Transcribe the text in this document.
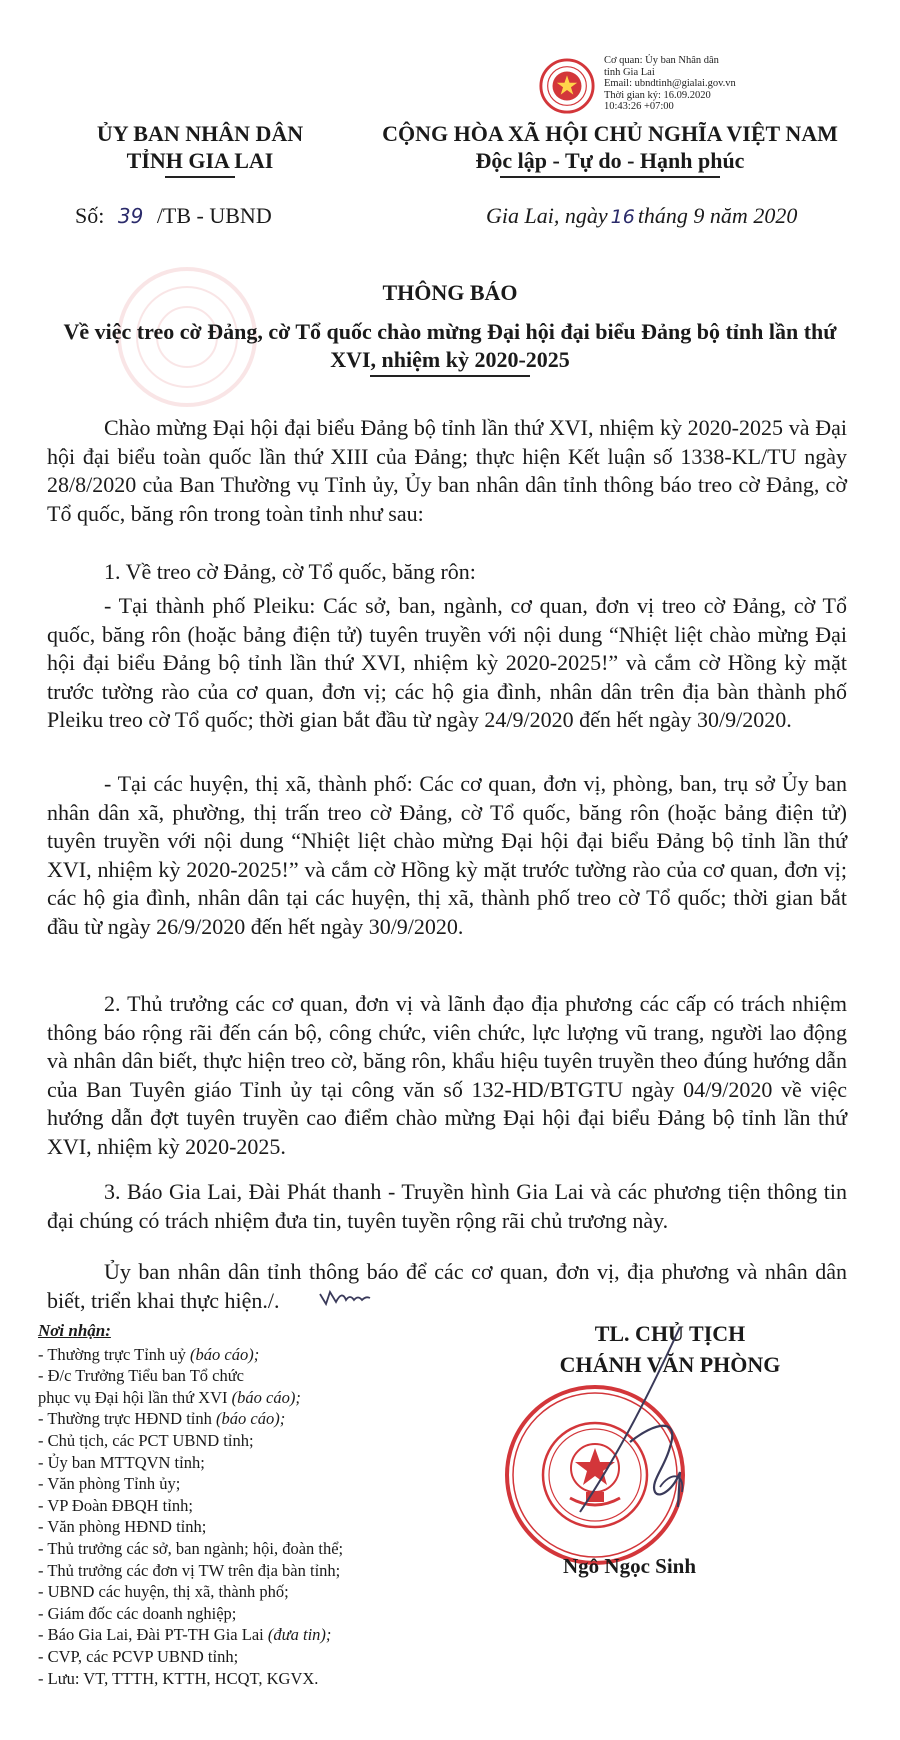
Cơ quan: Ủy ban Nhân dân
tỉnh Gia Lai
Email: ubndtinh@gialai.gov.vn
Thời gian ký: 16.09.2020
10:43:26 +07:00
ỦY BAN NHÂN DÂN
TỈNH GIA LAI
CỘNG HÒA XÃ HỘI CHỦ NGHĨA VIỆT NAM
Độc lập - Tự do - Hạnh phúc
Số: 39 /TB - UBND	Gia Lai, ngày 16 tháng 9 năm 2020
THÔNG BÁO
Về việc treo cờ Đảng, cờ Tổ quốc chào mừng Đại hội đại biểu Đảng bộ tỉnh lần thứ XVI, nhiệm kỳ 2020-2025
Chào mừng Đại hội đại biểu Đảng bộ tỉnh lần thứ XVI, nhiệm kỳ 2020-2025 và Đại hội đại biểu toàn quốc lần thứ XIII của Đảng; thực hiện Kết luận số 1338-KL/TU ngày 28/8/2020 của Ban Thường vụ Tỉnh ủy, Ủy ban nhân dân tỉnh thông báo treo cờ Đảng, cờ Tổ quốc, băng rôn trong toàn tỉnh như sau:
1. Về treo cờ Đảng, cờ Tổ quốc, băng rôn:
- Tại thành phố Pleiku: Các sở, ban, ngành, cơ quan, đơn vị treo cờ Đảng, cờ Tổ quốc, băng rôn (hoặc bảng điện tử) tuyên truyền với nội dung “Nhiệt liệt chào mừng Đại hội đại biểu Đảng bộ tỉnh lần thứ XVI, nhiệm kỳ 2020-2025!” và cắm cờ Hồng kỳ mặt trước tường rào của cơ quan, đơn vị; các hộ gia đình, nhân dân trên địa bàn thành phố Pleiku treo cờ Tổ quốc; thời gian bắt đầu từ ngày 24/9/2020 đến hết ngày 30/9/2020.
- Tại các huyện, thị xã, thành phố: Các cơ quan, đơn vị, phòng, ban, trụ sở Ủy ban nhân dân xã, phường, thị trấn treo cờ Đảng, cờ Tổ quốc, băng rôn (hoặc bảng điện tử) tuyên truyền với nội dung “Nhiệt liệt chào mừng Đại hội đại biểu Đảng bộ tỉnh lần thứ XVI, nhiệm kỳ 2020-2025!” và cắm cờ Hồng kỳ mặt trước tường rào của cơ quan, đơn vị; các hộ gia đình, nhân dân tại các huyện, thị xã, thành phố treo cờ Tổ quốc; thời gian bắt đầu từ ngày 26/9/2020 đến hết ngày 30/9/2020.
2. Thủ trưởng các cơ quan, đơn vị và lãnh đạo địa phương các cấp có trách nhiệm thông báo rộng rãi đến cán bộ, công chức, viên chức, lực lượng vũ trang, người lao động và nhân dân biết, thực hiện treo cờ, băng rôn, khẩu hiệu tuyên truyền theo đúng hướng dẫn của Ban Tuyên giáo Tỉnh ủy tại công văn số 132-HD/BTGTU ngày 04/9/2020 về việc hướng dẫn đợt tuyên truyền cao điểm chào mừng Đại hội đại biểu Đảng bộ tỉnh lần thứ XVI, nhiệm kỳ 2020-2025.
3. Báo Gia Lai, Đài Phát thanh - Truyền hình Gia Lai và các phương tiện thông tin đại chúng có trách nhiệm đưa tin, tuyên tuyền rộng rãi chủ trương này.
Ủy ban nhân dân tỉnh thông báo để các cơ quan, đơn vị, địa phương và nhân dân biết, triển khai thực hiện./.
Nơi nhận:
- Thường trực Tỉnh uỷ (báo cáo);
- Đ/c Trưởng Tiểu ban Tổ chức
phục vụ Đại hội lần thứ XVI (báo cáo);
- Thường trực HĐND tỉnh (báo cáo);
- Chủ tịch, các PCT UBND tỉnh;
- Ủy ban MTTQVN tỉnh;
- Văn phòng Tỉnh ủy;
- VP Đoàn ĐBQH tỉnh;
- Văn phòng HĐND tỉnh;
- Thủ trưởng các sở, ban ngành; hội, đoàn thể;
- Thủ trưởng các đơn vị TW trên địa bàn tỉnh;
- UBND các huyện, thị xã, thành phố;
- Giám đốc các doanh nghiệp;
- Báo Gia Lai, Đài PT-TH Gia Lai (đưa tin);
- CVP, các PCVP UBND tỉnh;
- Lưu: VT, TTTH, KTTH, HCQT, KGVX.
TL. CHỦ TỊCH
CHÁNH VĂN PHÒNG
Ngô Ngọc Sinh
